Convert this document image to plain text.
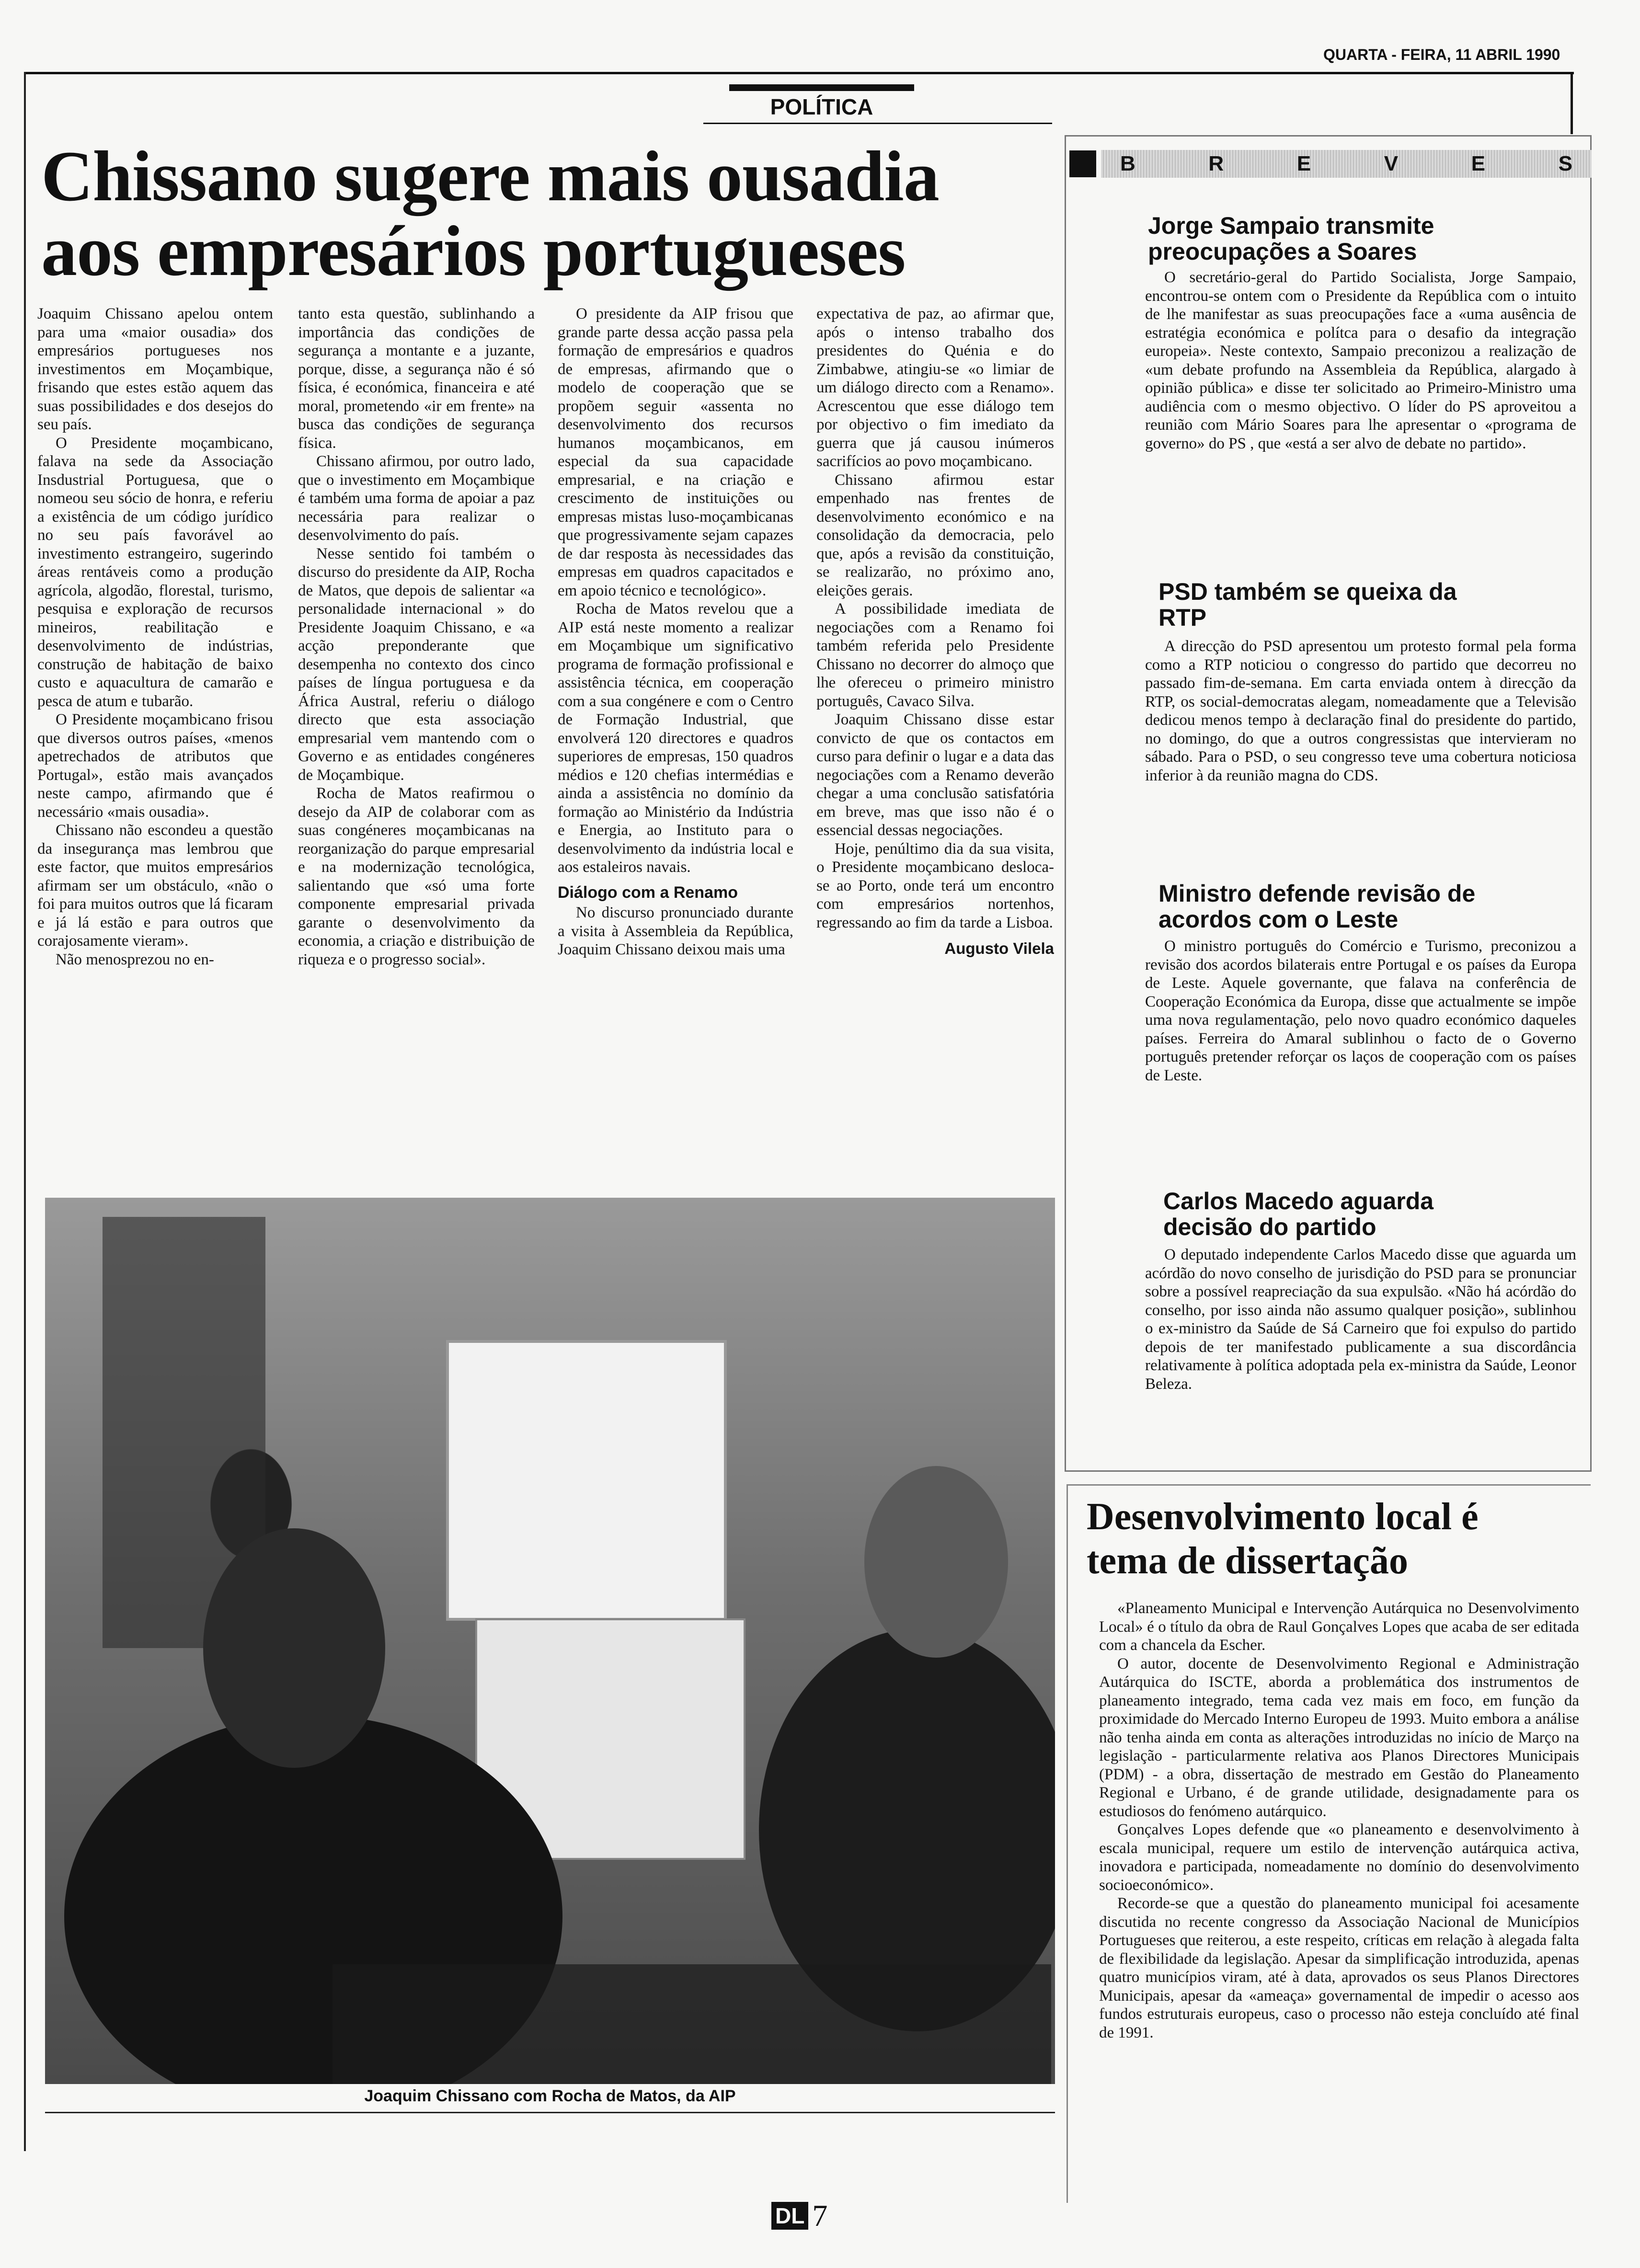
QUARTA - FEIRA, 11 ABRIL 1990
POLÍTICA
Chissano sugere mais ousadia aos empresários portugueses

Joaquim Chissano apelou ontem para uma «maior ousadia» dos empresários portugueses nos investimentos em Moçambique, frisando que estes estão aquem das suas possibilidades e dos desejos do seu país.

O Presidente moçambicano, falava na sede da Associação Insdustrial Portuguesa, que o nomeou seu sócio de honra, e referiu a existência de um código jurídico no seu país favorável ao investimento estrangeiro, sugerindo áreas rentáveis como a produção agrícola, algodão, florestal, turismo, pesquisa e exploração de recursos mineiros, reabilitação e desenvolvimento de indústrias, construção de habitação de baixo custo e aquacultura de camarão e pesca de atum e tubarão.

O Presidente moçambicano frisou que diversos outros países, «menos apetrechados de atributos que Portugal», estão mais avançados neste campo, afirmando que é necessário «mais ousadia».

Chissano não escondeu a questão da insegurança mas lembrou que este factor, que muitos empresários afirmam ser um obstáculo, «não o foi para muitos outros que lá ficaram e já lá estão e para outros que corajosamente vieram».

Não menosprezou no en-

tanto esta questão, sublinhando a importância das condições de segurança a montante e a juzante, porque, disse, a segurança não é só física, é económica, financeira e até moral, prometendo «ir em frente» na busca das condições de segurança física.

Chissano afirmou, por outro lado, que o investimento em Moçambique é também uma forma de apoiar a paz necessária para realizar o desenvolvimento do país.

Nesse sentido foi também o discurso do presidente da AIP, Rocha de Matos, que depois de salientar «a personalidade internacional » do Presidente Joaquim Chissano, e «a acção preponderante que desempenha no contexto dos cinco países de língua portuguesa e da África Austral, referiu o diálogo directo que esta associação empresarial vem mantendo com o Governo e as entidades congéneres de Moçambique.

Rocha de Matos reafirmou o desejo da AIP de colaborar com as suas congéneres moçambicanas na reorganização do parque empresarial e na modernização tecnológica, salientando que «só uma forte componente empresarial privada garante o desenvolvimento da economia, a criação e distribuição de riqueza e o progresso social».

O presidente da AIP frisou que grande parte dessa acção passa pela formação de empresários e quadros de empresas, afirmando que o modelo de cooperação que se propõem seguir «assenta no desenvolvimento dos recursos humanos moçambicanos, em especial da sua capacidade empresarial, e na criação e crescimento de instituições ou empresas mistas luso-moçambicanas que progressivamente sejam capazes de dar resposta às necessidades das empresas em quadros capacitados e em apoio técnico e tecnológico».

Rocha de Matos revelou que a AIP está neste momento a realizar em Moçambique um significativo programa de formação profissional e assistência técnica, em cooperação com a sua congénere e com o Centro de Formação Industrial, que envolverá 120 directores e quadros superiores de empresas, 150 quadros médios e 120 chefias intermédias e ainda a assistência no domínio da formação ao Ministério da Indústria e Energia, ao Instituto para o desenvolvimento da indústria local e aos estaleiros navais.

Diálogo com a Renamo

No discurso pronunciado durante a visita à Assembleia da República, Joaquim Chissano deixou mais uma

expectativa de paz, ao afirmar que, após o intenso trabalho dos presidentes do Quénia e do Zimbabwe, atingiu-se «o limiar de um diálogo directo com a Renamo». Acrescentou que esse diálogo tem por objectivo o fim imediato da guerra que já causou inúmeros sacrifícios ao povo moçambicano.

Chissano afirmou estar empenhado nas frentes de desenvolvimento económico e na consolidação da democracia, pelo que, após a revisão da constituição, se realizarão, no próximo ano, eleições gerais.

A possibilidade imediata de negociações com a Renamo foi também referida pelo Presidente Chissano no decorrer do almoço que lhe ofereceu o primeiro ministro português, Cavaco Silva.

Joaquim Chissano disse estar convicto de que os contactos em curso para definir o lugar e a data das negociações com a Renamo deverão chegar a uma conclusão satisfatória em breve, mas que isso não é o essencial dessas negociações.

Hoje, penúltimo dia da sua visita, o Presidente moçambicano desloca-se ao Porto, onde terá um encontro com empresários nortenhos, regressando ao fim da tarde a Lisboa.

Augusto Vilela
Joaquim Chissano com Rocha de Matos, da AIP
B	R	E	V	E	S
Jorge Sampaio transmite preocupações a Soares

O secretário-geral do Partido Socialista, Jorge Sampaio, encontrou-se ontem com o Presidente da República com o intuito de lhe manifestar as suas preocupações face a «uma ausência de estratégia económica e polítca para o desafio da integração europeia». Neste contexto, Sampaio preconizou a realização de «um debate profundo na Assembleia da República, alargado à opinião pública» e disse ter solicitado ao Primeiro-Ministro uma audiência com o mesmo objectivo. O líder do PS aproveitou a reunião com Mário Soares para lhe apresentar o «programa de governo» do PS , que «está a ser alvo de debate no partido».

PSD também se queixa da RTP

A direcção do PSD apresentou um protesto formal pela forma como a RTP noticiou o congresso do partido que decorreu no passado fim-de-semana. Em carta enviada ontem à direcção da RTP, os social-democratas alegam, nomeadamente que a Televisão dedicou menos tempo à declaração final do presidente do partido, no domingo, do que a outros congressistas que intervieram no sábado. Para o PSD, o seu congresso teve uma cobertura noticiosa inferior à da reunião magna do CDS.

Ministro defende revisão de acordos com o Leste

O ministro português do Comércio e Turismo, preconizou a revisão dos acordos bilaterais entre Portugal e os países da Europa de Leste. Aquele governante, que falava na conferência de Cooperação Económica da Europa, disse que actualmente se impõe uma nova regulamentação, pelo novo quadro económico daqueles países. Ferreira do Amaral sublinhou o facto de o Governo português pretender reforçar os laços de cooperação com os países de Leste.

Carlos Macedo aguarda decisão do partido

O deputado independente Carlos Macedo disse que aguarda um acórdão do novo conselho de jurisdição do PSD para se pronunciar sobre a possível reapreciação da sua expulsão. «Não há acórdão do conselho, por isso ainda não assumo qualquer posição», sublinhou o ex-ministro da Saúde de Sá Carneiro que foi expulso do partido depois de ter manifestado publicamente a sua discordância relativamente à política adoptada pela ex-ministra da Saúde, Leonor Beleza.

Desenvolvimento local é tema de dissertação

«Planeamento Municipal e Intervenção Autárquica no Desenvolvimento Local» é o título da obra de Raul Gonçalves Lopes que acaba de ser editada com a chancela da Escher.

O autor, docente de Desenvolvimento Regional e Administração Autárquica do ISCTE, aborda a problemática dos instrumentos de planeamento integrado, tema cada vez mais em foco, em função da proximidade do Mercado Interno Europeu de 1993. Muito embora a análise não tenha ainda em conta as alterações introduzidas no início de Março na legislação - particularmente relativa aos Planos Directores Municipais (PDM) - a obra, dissertação de mestrado em Gestão do Planeamento Regional e Urbano, é de grande utilidade, designadamente para os estudiosos do fenómeno autárquico.

Gonçalves Lopes defende que «o planeamento e desenvolvimento à escala municipal, requere um estilo de intervenção autárquica activa, inovadora e participada, nomeadamente no domínio do desenvolvimento socioeconómico».

Recorde-se que a questão do planeamento municipal foi acesamente discutida no recente congresso da Associação Nacional de Municípios Portugueses que reiterou, a este respeito, críticas em relação à alegada falta de flexibilidade da legislação. Apesar da simplificação introduzida, apenas quatro municípios viram, até à data, aprovados os seus Planos Directores Municipais, apesar da «ameaça» governamental de impedir o acesso aos fundos estruturais europeus, caso o processo não esteja concluído até final de 1991.

DL 7
